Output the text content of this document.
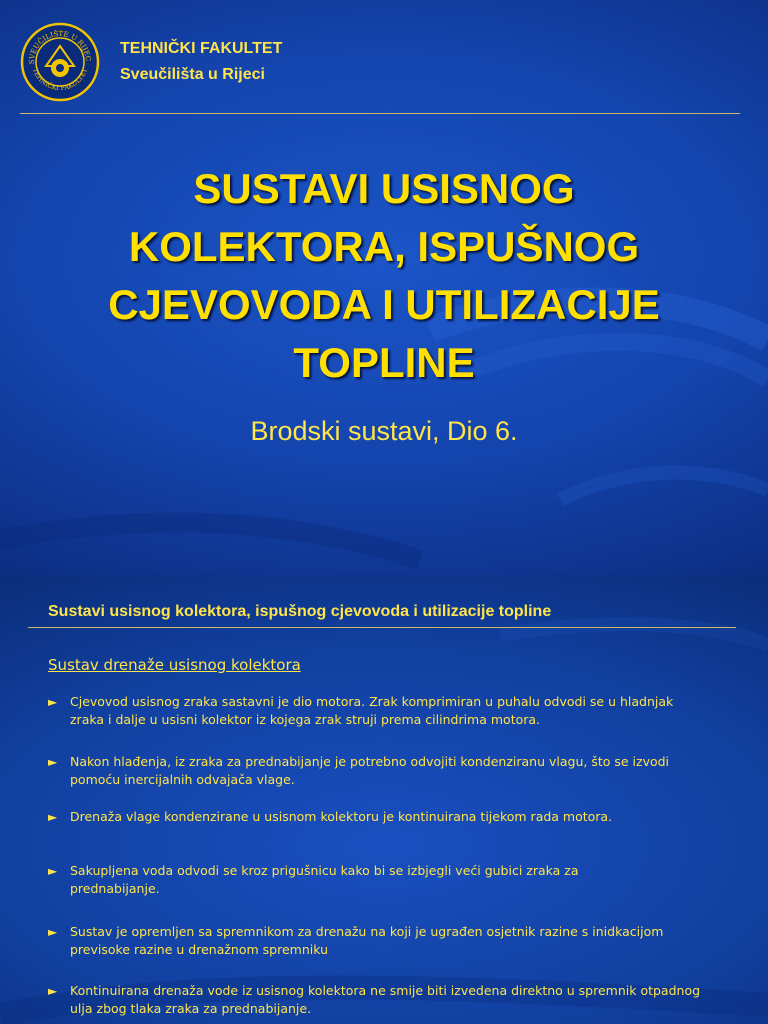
SVEUČILIŠTE U RIJEC
TEHNIČKI FAKULTET
TEHNIČKI FAKULTET
Sveučilišta u Rijeci
SUSTAVI USISNOG
KOLEKTORA, ISPUŠNOG
CJEVOVODA I UTILIZACIJE
TOPLINE
Brodski sustavi, Dio 6.
Sustavi usisnog kolektora, ispušnog cjevovoda i utilizacije topline
Sustav drenaže usisnog kolektora
►	Cjevovod usisnog zraka sastavni je dio motora. Zrak komprimiran u puhalu odvodi se u hladnjak zraka i dalje u usisni kolektor iz kojega zrak struji prema cilindrima motora.
►	Nakon hlađenja, iz zraka za prednabijanje je potrebno odvojiti kondenziranu vlagu, što se izvodi pomoću inercijalnih odvajača vlage.
►	Drenaža vlage kondenzirane u usisnom kolektoru je kontinuirana tijekom rada motora.
►	Sakupljena voda odvodi se kroz prigušnicu kako bi se izbjegli veći gubici zraka za prednabijanje.
►	Sustav je opremljen sa spremnikom za drenažu na koji je ugrađen osjetnik razine s inidkacijom previsoke razine u drenažnom spremniku
►	Kontinuirana drenaža vode iz usisnog kolektora ne smije biti izvedena direktno u spremnik otpadnog ulja zbog tlaka zraka za prednabijanje.
